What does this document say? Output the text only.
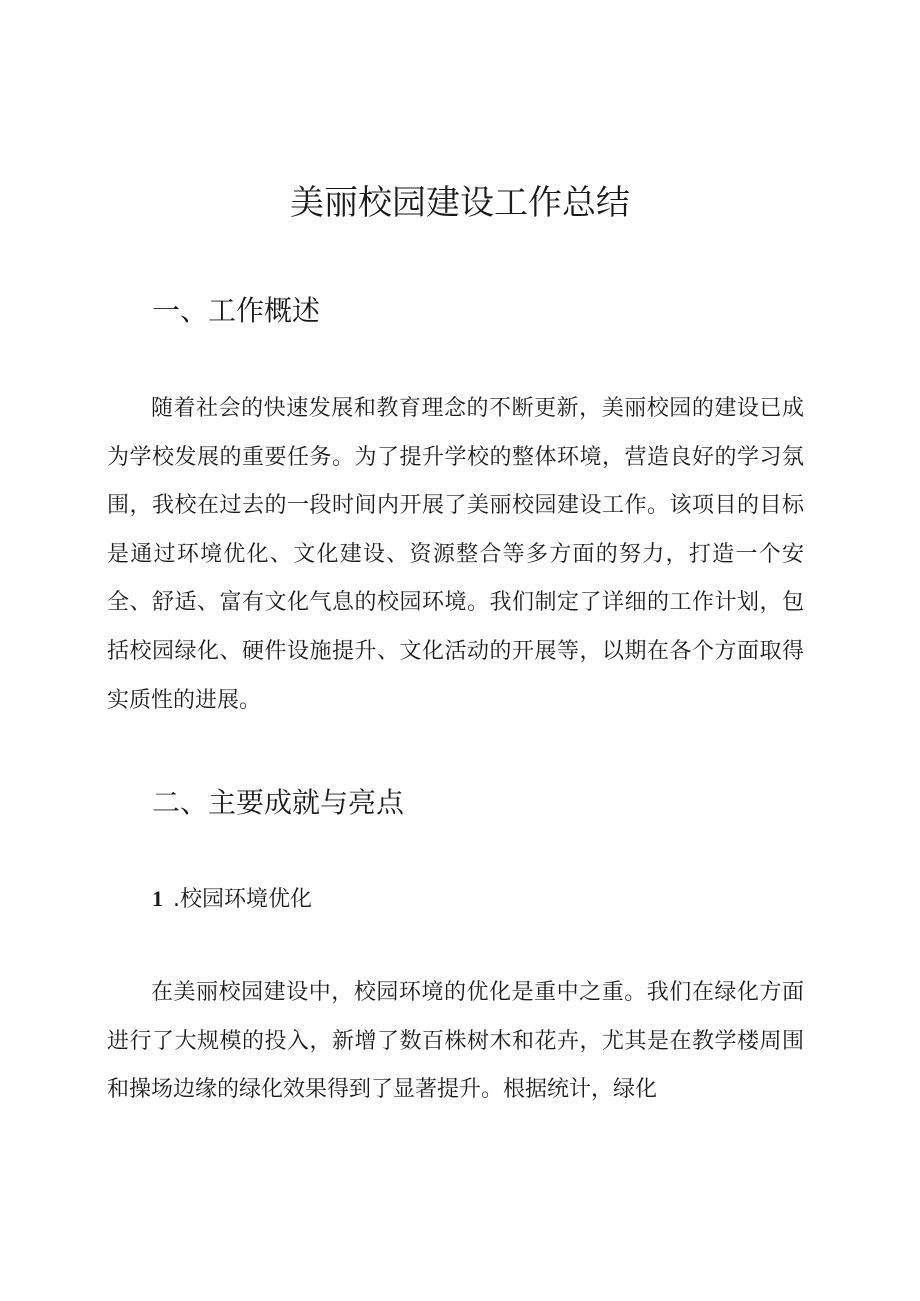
美丽校园建设工作总结
一、工作概述

随着社会的快速发展和教育理念的不断更新，美丽校园的建设已成为学校发展的重要任务。为了提升学校的整体环境，营造良好的学习氛围，我校在过去的一段时间内开展了美丽校园建设工作。该项目的目标是通过环境优化、文化建设、资源整合等多方面的努力，打造一个安全、舒适、富有文化气息的校园环境。我们制定了详细的工作计划，包括校园绿化、硬件设施提升、文化活动的开展等，以期在各个方面取得实质性的进展。

二、主要成就与亮点
1 .校园环境优化

在美丽校园建设中，校园环境的优化是重中之重。我们在绿化方面进行了大规模的投入，新增了数百株树木和花卉，尤其是在教学楼周围和操场边缘的绿化效果得到了显著提升。根据统计，绿化
